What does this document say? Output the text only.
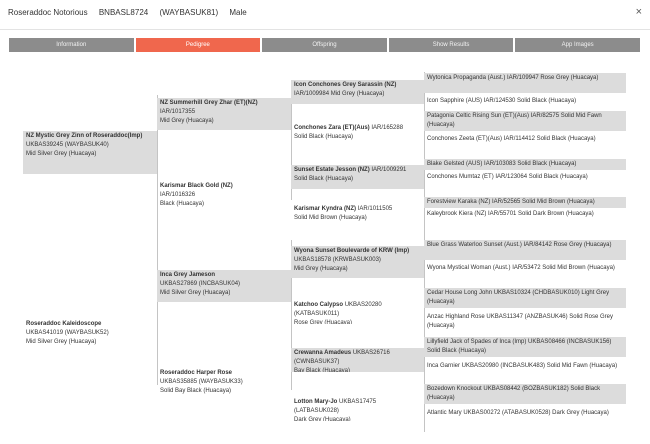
Roseraddoc Notorious BNBASL8724 (WAYBASUK81) Male	×
Information	Pedigree	Offspring	Show Results	App Images
NZ Mystic Grey Zinn of Roseraddoc(Imp)
UKBAS39245 (WAYBASUK40)
Mid Silver Grey (Huacaya)
Roseraddoc Kaleidoscope
UKBAS41019 (WAYBASUK52)
Mid Silver Grey (Huacaya)
NZ Summerhill Grey Zhar (ET)(NZ)
IAR/1017355
Mid Grey (Huacaya)
Karismar Black Gold (NZ)
IAR/1016326
Black (Huacaya)
Inca Grey Jameson
UKBAS27869 (INCBASUK04)
Mid Silver Grey (Huacaya)
Roseraddoc Harper Rose
UKBAS35885 (WAYBASUK33)
Solid Bay Black (Huacaya)
Icon Conchones Grey Sarassin (NZ)
IAR/1009984 Mid Grey (Huacaya)
Conchones Zara (ET)(Aus) IAR/165288
Solid Black (Huacaya)
Sunset Estate Jesson (NZ) IAR/1009291
Solid Black (Huacaya)
Karismar Kyndra (NZ) IAR/1011505
Solid Mid Brown (Huacaya)
Wyona Sunset Boulevarde of KRW (Imp)
UKBAS18578 (KRWBASUK003)
Mid Grey (Huacaya)
Katchoo Calypso UKBAS20280 (KATBASUK011)
Rose Grey (Huacaya)
Crewanna Amadeus UKBAS26716 (CWNBASUK37)
Bay Black (Huacaya)
Lotton Mary-Jo UKBAS17475 (LATBASUK028)
Dark Grey (Huacaya)
Wytonica Propaganda (Aust.) IAR/109947 Rose Grey (Huacaya)
Icon Sapphire (AUS) IAR/124530 Solid Black (Huacaya)
Patagonia Celtic Rising Sun (ET)(Aus) IAR/82575 Solid Mid Fawn (Huacaya)
Conchones Zeeta (ET)(Aus) IAR/114412 Solid Black (Huacaya)
Blake Gelsted (AUS) IAR/103083 Solid Black (Huacaya)
Conchones Mumtaz (ET) IAR/123064 Solid Black (Huacaya)
Forestview Karaka (NZ) IAR/52565 Solid Mid Brown (Huacaya)
Kaleybrook Kiera (NZ) IAR/55701 Solid Dark Brown (Huacaya)
Blue Grass Waterloo Sunset (Aust.) IAR/84142 Rose Grey (Huacaya)
Wyona Mystical Woman (Aust.) IAR/53472 Solid Mid Brown (Huacaya)
Cedar House Long John UKBAS10324 (CHDBASUK010) Light Grey (Huacaya)
Anzac Highland Rose UKBAS11347 (ANZBASUK46) Solid Rose Grey (Huacaya)
Lillyfield Jack of Spades of Inca (Imp) UKBAS08466 (INCBASUK156) Solid Black (Huacaya)
Inca Garnier UKBAS20980 (INCBASUK483) Solid Mid Fawn (Huacaya)
Bozedown Knockout UKBAS08442 (BOZBASUK182) Solid Black (Huacaya)
Atlantic Mary UKBAS00272 (ATABASUK0528) Dark Grey (Huacaya)
